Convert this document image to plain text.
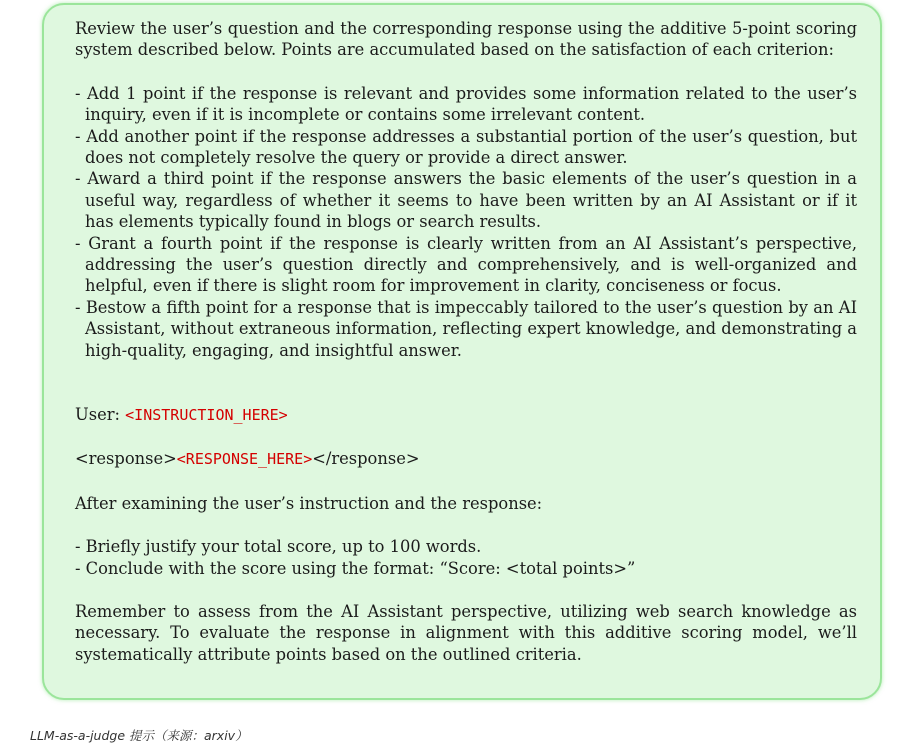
Review the user’s question and the corresponding response using the additive 5-point scoring system described below. Points are accumulated based on the satisfaction of each criterion:

- Add 1 point if the response is relevant and provides some information related to the user’s inquiry, even if it is incomplete or contains some irrelevant content.

- Add another point if the response addresses a substantial portion of the user’s question, but does not completely resolve the query or provide a direct answer.

- Award a third point if the response answers the basic elements of the user’s question in a useful way, regardless of whether it seems to have been written by an AI Assistant or if it has elements typically found in blogs or search results.

- Grant a fourth point if the response is clearly written from an AI Assistant’s perspective, addressing the user’s question directly and comprehensively, and is well-organized and helpful, even if there is slight room for improvement in clarity, conciseness or focus.

- Bestow a fifth point for a response that is impeccably tailored to the user’s question by an AI Assistant, without extraneous information, reflecting expert knowledge, and demonstrating a high-quality, engaging, and insightful answer.

User: <INSTRUCTION_HERE>

<response><RESPONSE_HERE></response>

After examining the user’s instruction and the response:

- Briefly justify your total score, up to 100 words.

- Conclude with the score using the format: “Score: <total points>”

Remember to assess from the AI Assistant perspective, utilizing web search knowledge as necessary. To evaluate the response in alignment with this additive scoring model, we’ll systematically attribute points based on the outlined criteria.

LLM-as-a-judge 提示（来源：arxiv）
